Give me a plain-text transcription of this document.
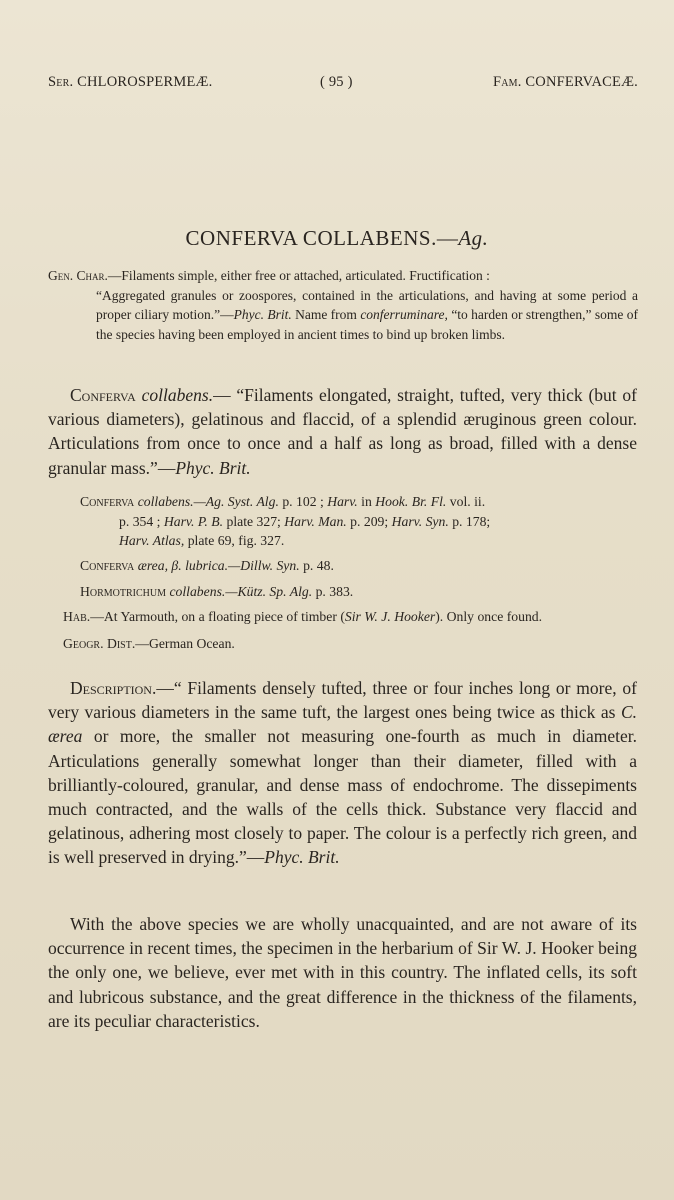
Ser. CHLOROSPERMEÆ.	( 95 )	Fam. CONFERVACEÆ.
CONFERVA COLLABENS.—Ag.
Gen. Char.—Filaments simple, either free or attached, articulated. Fructification :
“Aggregated granules or zoospores, contained in the articulations, and having at some period a proper ciliary motion.”—Phyc. Brit. Name from conferruminare, “to harden or strengthen,” some of the species having been employed in ancient times to bind up broken limbs.
Conferva collabens.— “Filaments elongated, straight, tufted, very thick (but of various diameters), gelatinous and flaccid, of a splendid æruginous green colour. Articulations from once to once and a half as long as broad, filled with a dense granular mass.”—Phyc. Brit.
Conferva collabens.—Ag. Syst. Alg. p. 102 ; Harv. in Hook. Br. Fl. vol. ii.
p. 354 ; Harv. P. B. plate 327; Harv. Man. p. 209; Harv. Syn. p. 178;
Harv. Atlas, plate 69, fig. 327.
Conferva ærea, β. lubrica.—Dillw. Syn. p. 48.
Hormotrichum collabens.—Kütz. Sp. Alg. p. 383.
Hab.—At Yarmouth, on a floating piece of timber (Sir W. J. Hooker). Only once found.
Geogr. Dist.—German Ocean.
Description.—“ Filaments densely tufted, three or four inches long or more, of very various diameters in the same tuft, the largest ones being twice as thick as C. ærea or more, the smaller not measuring one-fourth as much in diameter. Articulations generally somewhat longer than their diameter, filled with a brilliantly-coloured, granular, and dense mass of endochrome. The dissepiments much contracted, and the walls of the cells thick. Substance very flaccid and gelatinous, adhering most closely to paper. The colour is a perfectly rich green, and is well preserved in drying.”—Phyc. Brit.
With the above species we are wholly unacquainted, and are not aware of its occurrence in recent times, the specimen in the herbarium of Sir W. J. Hooker being the only one, we believe, ever met with in this country. The inflated cells, its soft and lubricous substance, and the great difference in the thickness of the filaments, are its peculiar characteristics.
